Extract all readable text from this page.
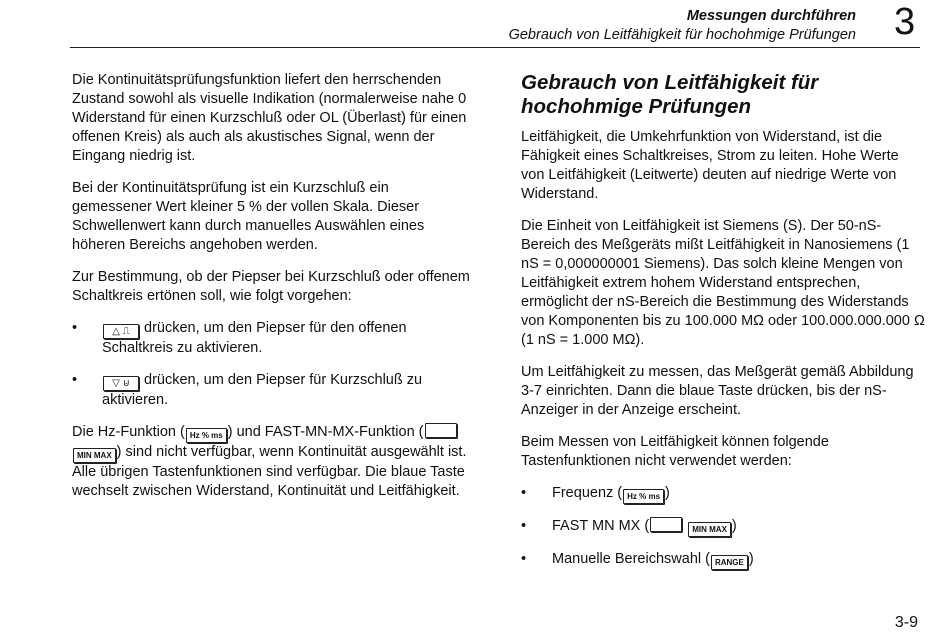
Messungen durchführen
Gebrauch von Leitfähigkeit für hochohmige Prüfungen 3

Die Kontinuitätsprüfungsfunktion liefert den herrschenden Zustand sowohl als visuelle Indikation (normalerweise nahe 0 Widerstand für einen Kurzschluß oder OL (Überlast) für einen offenen Kreis) als auch als akustisches Signal, wenn der Eingang niedrig ist.

Bei der Kontinuitätsprüfung ist ein Kurzschluß ein gemessener Wert kleiner 5 % der vollen Skala. Dieser Schwellenwert kann durch manuelles Auswählen eines höheren Bereichs angehoben werden.

Zur Bestimmung, ob der Piepser bei Kurzschluß oder offenem Schaltkreis ertönen soll, wie folgt vorgehen:

•	△ ⎍ drücken, um den Piepser für den offenen Schaltkreis zu aktivieren.
•	▽ ⊍ drücken, um den Piepser für Kurzschluß zu aktivieren.

Die Hz-Funktion ( Hz % ms ) und FAST-MN-MX-Funktion ( MIN MAX ) sind nicht verfügbar, wenn Kontinuität ausgewählt ist. Alle übrigen Tastenfunktionen sind verfügbar. Die blaue Taste wechselt zwischen Widerstand, Kontinuität und Leitfähigkeit.

Gebrauch von Leitfähigkeit für hochohmige Prüfungen

Leitfähigkeit, die Umkehrfunktion von Widerstand, ist die Fähigkeit eines Schaltkreises, Strom zu leiten. Hohe Werte von Leitfähigkeit (Leitwerte) deuten auf niedrige Werte von Widerstand.

Die Einheit von Leitfähigkeit ist Siemens (S). Der 50-nS-Bereich des Meßgeräts mißt Leitfähigkeit in Nanosiemens (1 nS = 0,000000001 Siemens). Das solch kleine Mengen von Leitfähigkeit extrem hohem Widerstand entsprechen, ermöglicht der nS-Bereich die Bestimmung des Widerstands von Komponenten bis zu 100.000 MΩ oder 100.000.000.000 Ω (1 nS = 1.000 MΩ).

Um Leitfähigkeit zu messen, das Meßgerät gemäß Abbildung 3-7 einrichten. Dann die blaue Taste drücken, bis der nS-Anzeiger in der Anzeige erscheint.

Beim Messen von Leitfähigkeit können folgende Tastenfunktionen nicht verwendet werden:

• Frequenz ( Hz % ms )
• FAST MN MX (	MIN MAX )
• Manuelle Bereichswahl ( RANGE )
3-9
